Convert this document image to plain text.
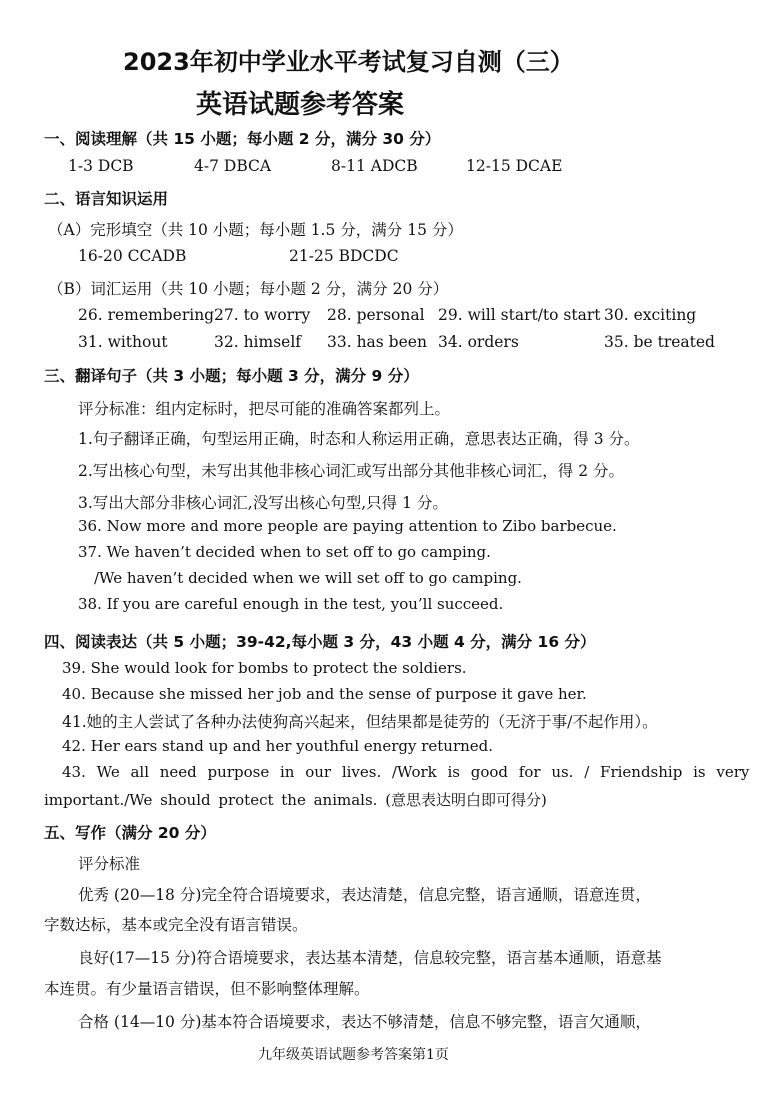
2023年初中学业水平考试复习自测（三）
英语试题参考答案
一、阅读理解（共 15 小题；每小题 2 分，满分 30 分）
1-3 DCB	4-7 DBCA	8-11 ADCB	12-15 DCAE
二、语言知识运用
（A）完形填空（共 10 小题；每小题 1.5 分，满分 15 分）
16-20 CCADB	21-25 BDCDC
（B）词汇运用（共 10 小题；每小题 2 分，满分 20 分）
26. remembering 27. to worry 28. personal 29. will start/to start 30. exciting
31. without	32. himself 33. has been 34. orders	35. be treated
三、翻译句子（共 3 小题；每小题 3 分，满分 9 分）
评分标准：组内定标时，把尽可能的准确答案都列上。
1.句子翻译正确，句型运用正确，时态和人称运用正确，意思表达正确，得 3 分。
2.写出核心句型，未写出其他非核心词汇或写出部分其他非核心词汇，得 2 分。
3.写出大部分非核心词汇,没写出核心句型,只得 1 分。
36. Now more and more people are paying attention to Zibo barbecue.
37. We haven’t decided when to set off to go camping.
/We haven’t decided when we will set off to go camping.
38. If you are careful enough in the test, you’ll succeed.
四、阅读表达（共 5 小题；39-42,每小题 3 分，43 小题 4 分，满分 16 分）
39. She would look for bombs to protect the soldiers.
40. Because she missed her job and the sense of purpose it gave her.
41.她的主人尝试了各种办法使狗高兴起来，但结果都是徒劳的（无济于事/不起作用）。
42. Her ears stand up and her youthful energy returned.
43. We all need purpose in our lives. /Work is good for us. / Friendship is very
important./We should protect the animals. (意思表达明白即可得分)
五、写作（满分 20 分）
评分标准
优秀 (20—18 分)完全符合语境要求，表达清楚，信息完整，语言通顺，语意连贯，
字数达标，基本或完全没有语言错误。
良好(17—15 分)符合语境要求，表达基本清楚，信息较完整，语言基本通顺，语意基
本连贯。有少量语言错误，但不影响整体理解。
合格 (14—10 分)基本符合语境要求，表达不够清楚，信息不够完整，语言欠通顺，
九年级英语试题参考答案第1页
